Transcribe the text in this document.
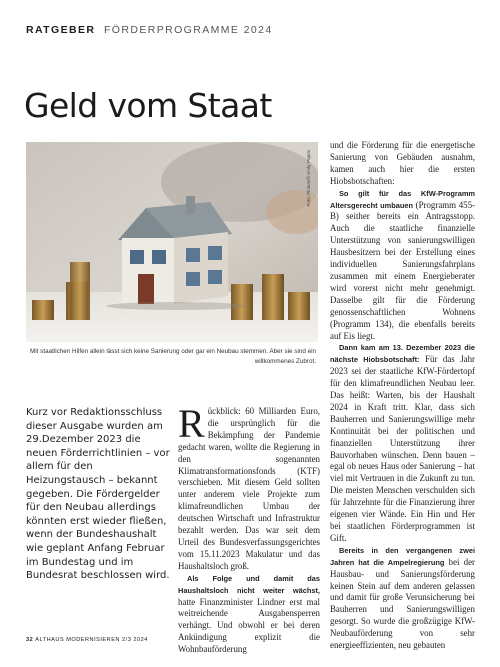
RATGEBER FÖRDERPROGRAMME 2024
Geld vom Staat
Foto: Picture/© Andy Popov

Mit staatlichen Hilfen allein lässt sich keine Sanierung oder gar ein Neubau stemmen. Aber sie sind ein willkommenes Zubrot.

Kurz vor Redaktionsschluss dieser Ausgabe wurden am 29.Dezember 2023 die neuen Förderrichtlinien – vor allem für den Heizungstausch – bekannt gegeben. Die Fördergelder für den Neubau allerdings könnten erst wieder fließen, wenn der Bundeshaushalt wie geplant Anfang Februar im Bundestag und im Bundesrat beschlossen wird.

Rückblick: 60 Milliarden Euro, die ursprünglich für die Bekämpfung der Pandemie gedacht waren, wollte die Regierung in den sogenannten Klimatransformationsfonds (KTF) verschieben. Mit diesem Geld sollten unter anderem viele Projekte zum klimafreundlichen Umbau der deutschen Wirtschaft und Infrastruktur bezahlt werden. Das war seit dem Urteil des Bundesverfassungsgerichtes vom 15.11.2023 Makulatur und das Haushaltsloch groß.

Als Folge und damit das Haushaltsloch nicht weiter wächst, hatte Finanzminister Lindner erst mal weitreichende Ausgabensperren verhängt. Und obwohl er bei deren Ankündigung explizit die Wohnbauförderung

und die Förderung für die energetische Sanierung von Gebäuden ausnahm, kamen auch hier die ersten Hiobsbotschaften:

So gilt für das KfW-Programm Altersgerecht umbauen (Programm 455-B) seither bereits ein Antragsstopp. Auch die staatliche finanzielle Unterstützung von sanierungswilligen Hausbesitzern bei der Erstellung eines individuellen Sanierungsfahrplans zusammen mit einem Energieberater wird vorerst nicht mehr genehmigt. Dasselbe gilt für die Förderung genossenschaftlichen Wohnens (Programm 134), die ebenfalls bereits auf Eis liegt.

Dann kam am 13. Dezember 2023 die nächste Hiobsbotschaft: Für das Jahr 2023 sei der staatliche KfW-Fördertopf für den klimafreundlichen Neubau leer. Das heißt: Warten, bis der Haushalt 2024 in Kraft tritt. Klar, dass sich Bauherren und Sanierungswillige mehr Kontinuität bei der politischen und finanziellen Unterstützung ihrer Bauvorhaben wünschen. Denn bauen – egal ob neues Haus oder Sanierung – hat viel mit Vertrauen in die Zukunft zu tun. Die meisten Menschen verschulden sich für Jahrzehnte für die Finanzierung ihrer eigenen vier Wände. Ein Hin und Her bei staatlichen Förderprogrammen ist Gift.

Bereits in den vergangenen zwei Jahren hat die Ampelregierung bei der Hausbau- und Sanierungsförderung keinen Stein auf dem anderen gelassen und damit für große Verunsicherung bei Bauherren und Sanierungswilligen gesorgt. So wurde die großzügige KfW-Neubauförderung von sehr energieeffizienten, neu gebauten

32 ALTHAUS MODERNISIEREN 2/3 2024
